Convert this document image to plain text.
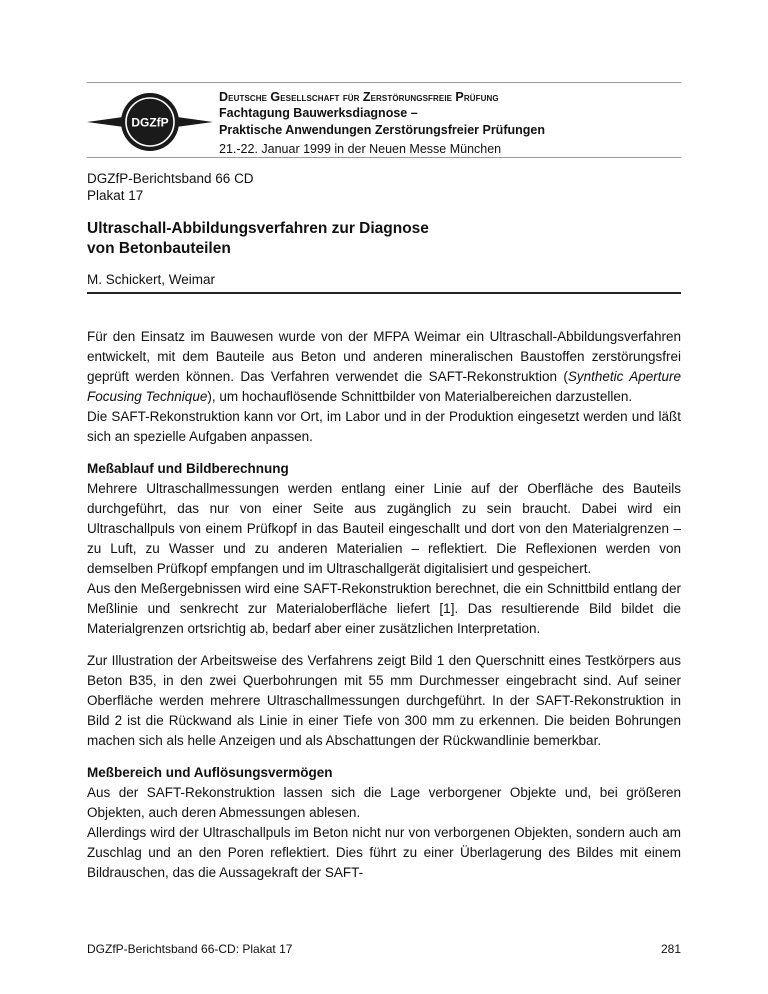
DGZfP
Deutsche Gesellschaft für Zerstörungsfreie Prüfung
Fachtagung Bauwerksdiagnose –
Praktische Anwendungen Zerstörungsfreier Prüfungen
21.-22. Januar 1999 in der Neuen Messe München
DGZfP-Berichtsband 66 CD
Plakat 17
Ultraschall-Abbildungsverfahren zur Diagnose
von Betonbauteilen
M. Schickert, Weimar

Für den Einsatz im Bauwesen wurde von der MFPA Weimar ein Ultraschall-Abbildungsverfahren entwickelt, mit dem Bauteile aus Beton und anderen mineralischen Baustoffen zerstörungsfrei geprüft werden können. Das Verfahren verwendet die SAFT-Rekonstruktion (Synthetic Aperture Focusing Technique), um hochauflösende Schnittbilder von Materialbereichen darzustellen.

Die SAFT-Rekonstruktion kann vor Ort, im Labor und in der Produktion eingesetzt werden und läßt sich an spezielle Aufgaben anpassen.

Meßablauf und Bildberechnung

Mehrere Ultraschallmessungen werden entlang einer Linie auf der Oberfläche des Bauteils durchgeführt, das nur von einer Seite aus zugänglich zu sein braucht. Dabei wird ein Ultraschallpuls von einem Prüfkopf in das Bauteil eingeschallt und dort von den Materialgrenzen – zu Luft, zu Wasser und zu anderen Materialien – reflektiert. Die Reflexionen werden von demselben Prüfkopf empfangen und im Ultraschallgerät digitalisiert und gespeichert.

Aus den Meßergebnissen wird eine SAFT-Rekonstruktion berechnet, die ein Schnittbild entlang der Meßlinie und senkrecht zur Materialoberfläche liefert [1]. Das resultierende Bild bildet die Materialgrenzen ortsrichtig ab, bedarf aber einer zusätzlichen Interpretation.

Zur Illustration der Arbeitsweise des Verfahrens zeigt Bild 1 den Querschnitt eines Testkörpers aus Beton B35, in den zwei Querbohrungen mit 55 mm Durchmesser eingebracht sind. Auf seiner Oberfläche werden mehrere Ultraschallmessungen durchgeführt. In der SAFT-Rekonstruktion in Bild 2 ist die Rückwand als Linie in einer Tiefe von 300 mm zu erkennen. Die beiden Bohrungen machen sich als helle Anzeigen und als Abschattungen der Rückwandlinie bemerkbar.

Meßbereich und Auflösungsvermögen

Aus der SAFT-Rekonstruktion lassen sich die Lage verborgener Objekte und, bei größeren Objekten, auch deren Abmessungen ablesen.

Allerdings wird der Ultraschallpuls im Beton nicht nur von verborgenen Objekten, sondern auch am Zuschlag und an den Poren reflektiert. Dies führt zu einer Überlagerung des Bildes mit einem Bildrauschen, das die Aussagekraft der SAFT-

DGZfP-Berichtsband 66-CD: Plakat 17	281
